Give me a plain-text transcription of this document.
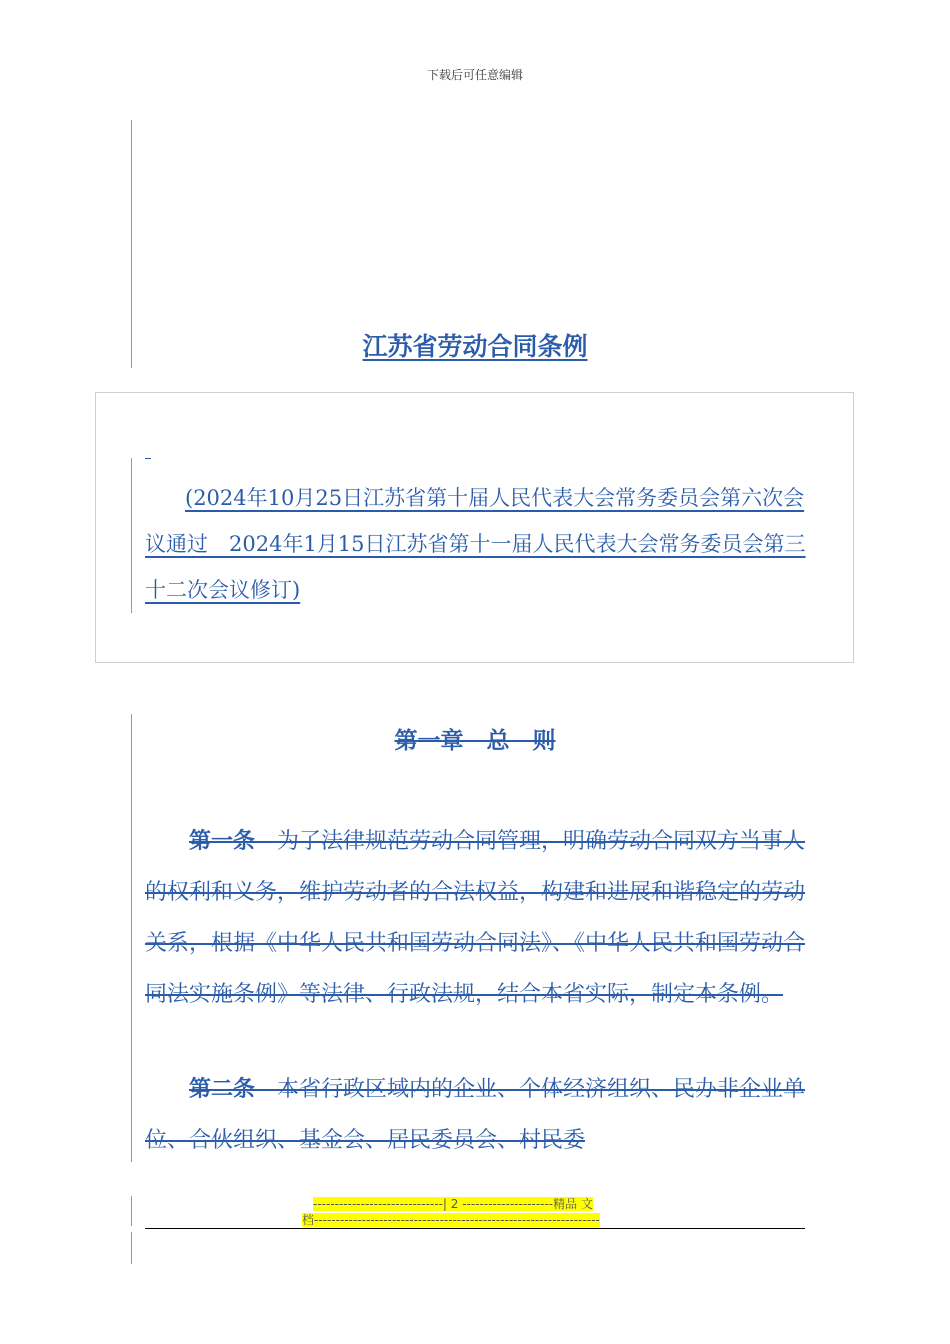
下载后可任意编辑
江苏省劳动合同条例
(2024年10月25日江苏省第十届人民代表大会常务委员会第六次会议通过　2024年1月15日江苏省第十一届人民代表大会常务委员会第三十二次会议修订)
第一章　总　则
第一条　 为了法律规范劳动合同管理，明确劳动合同双方当事人的权利和义务，维护劳动者的合法权益，构建和进展和谐稳定的劳动关系，根据《中华人民共和国劳动合同法》、《中华人民共和国劳动合同法实施条例》等法律、行政法规，结合本省实际，制定本条例。
第二条　 本省行政区域内的企业、个体经济组织、民办非企业单位、合伙组织、基金会、居民委员会、村民委
------------------------------| 2 ---------------------精品 文
档------------------------------------------------------------------
